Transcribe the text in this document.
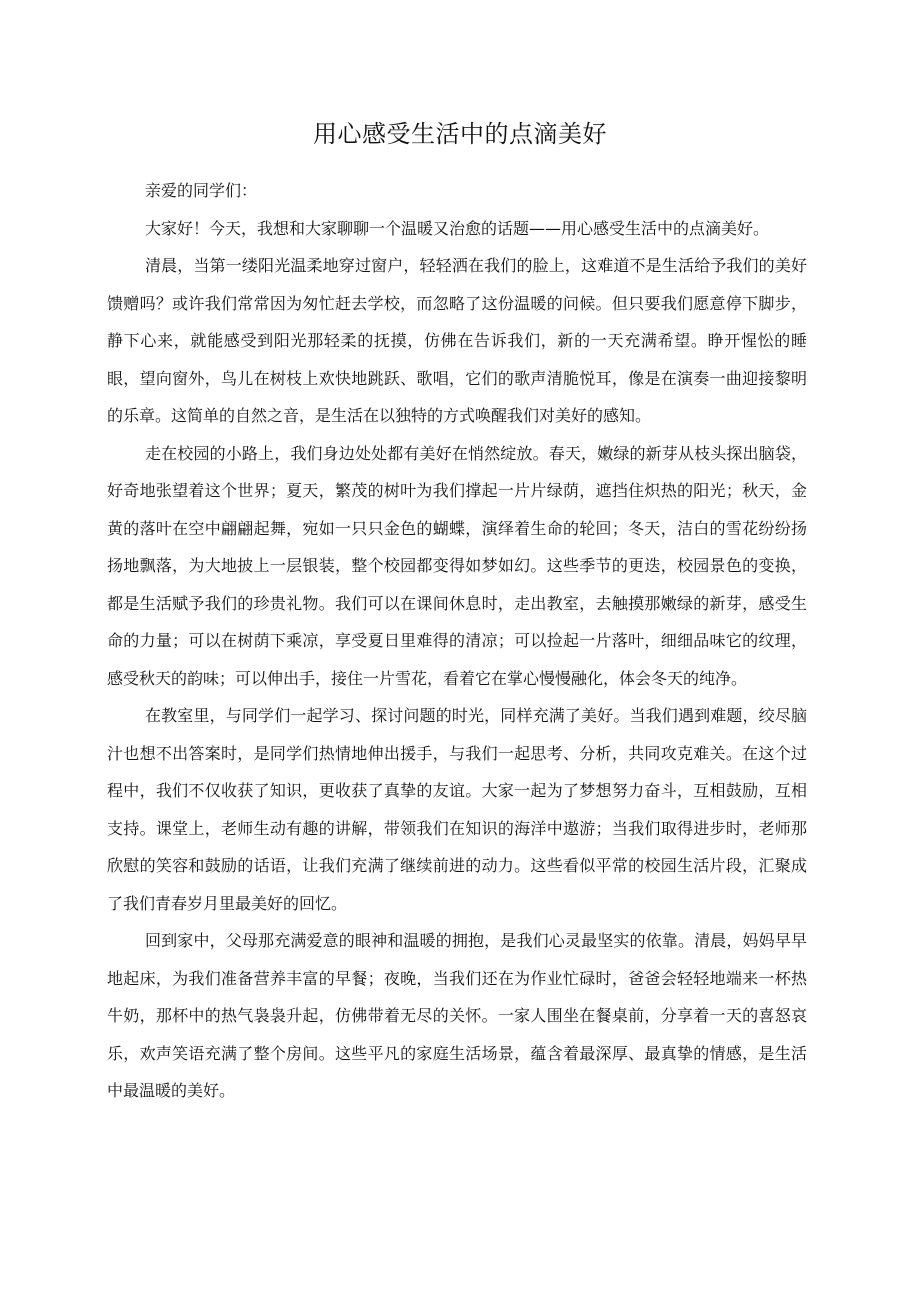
用心感受生活中的点滴美好

亲爱的同学们：

大家好！今天，我想和大家聊聊一个温暖又治愈的话题——用心感受生活中的点滴美好。

清晨，当第一缕阳光温柔地穿过窗户，轻轻洒在我们的脸上，这难道不是生活给予我们的美好馈赠吗？或许我们常常因为匆忙赶去学校，而忽略了这份温暖的问候。但只要我们愿意停下脚步，静下心来，就能感受到阳光那轻柔的抚摸，仿佛在告诉我们，新的一天充满希望。睁开惺忪的睡眼，望向窗外，鸟儿在树枝上欢快地跳跃、歌唱，它们的歌声清脆悦耳，像是在演奏一曲迎接黎明的乐章。这简单的自然之音，是生活在以独特的方式唤醒我们对美好的感知。

走在校园的小路上，我们身边处处都有美好在悄然绽放。春天，嫩绿的新芽从枝头探出脑袋，好奇地张望着这个世界；夏天，繁茂的树叶为我们撑起一片片绿荫，遮挡住炽热的阳光；秋天，金黄的落叶在空中翩翩起舞，宛如一只只金色的蝴蝶，演绎着生命的轮回；冬天，洁白的雪花纷纷扬扬地飘落，为大地披上一层银装，整个校园都变得如梦如幻。这些季节的更迭，校园景色的变换，都是生活赋予我们的珍贵礼物。我们可以在课间休息时，走出教室，去触摸那嫩绿的新芽，感受生命的力量；可以在树荫下乘凉，享受夏日里难得的清凉；可以捡起一片落叶，细细品味它的纹理，感受秋天的韵味；可以伸出手，接住一片雪花，看着它在掌心慢慢融化，体会冬天的纯净。

在教室里，与同学们一起学习、探讨问题的时光，同样充满了美好。当我们遇到难题，绞尽脑汁也想不出答案时，是同学们热情地伸出援手，与我们一起思考、分析，共同攻克难关。在这个过程中，我们不仅收获了知识，更收获了真挚的友谊。大家一起为了梦想努力奋斗，互相鼓励，互相支持。课堂上，老师生动有趣的讲解，带领我们在知识的海洋中遨游；当我们取得进步时，老师那欣慰的笑容和鼓励的话语，让我们充满了继续前进的动力。这些看似平常的校园生活片段，汇聚成了我们青春岁月里最美好的回忆。

回到家中，父母那充满爱意的眼神和温暖的拥抱，是我们心灵最坚实的依靠。清晨，妈妈早早地起床，为我们准备营养丰富的早餐；夜晚，当我们还在为作业忙碌时，爸爸会轻轻地端来一杯热牛奶，那杯中的热气袅袅升起，仿佛带着无尽的关怀。一家人围坐在餐桌前，分享着一天的喜怒哀乐，欢声笑语充满了整个房间。这些平凡的家庭生活场景，蕴含着最深厚、最真挚的情感，是生活中最温暖的美好。
